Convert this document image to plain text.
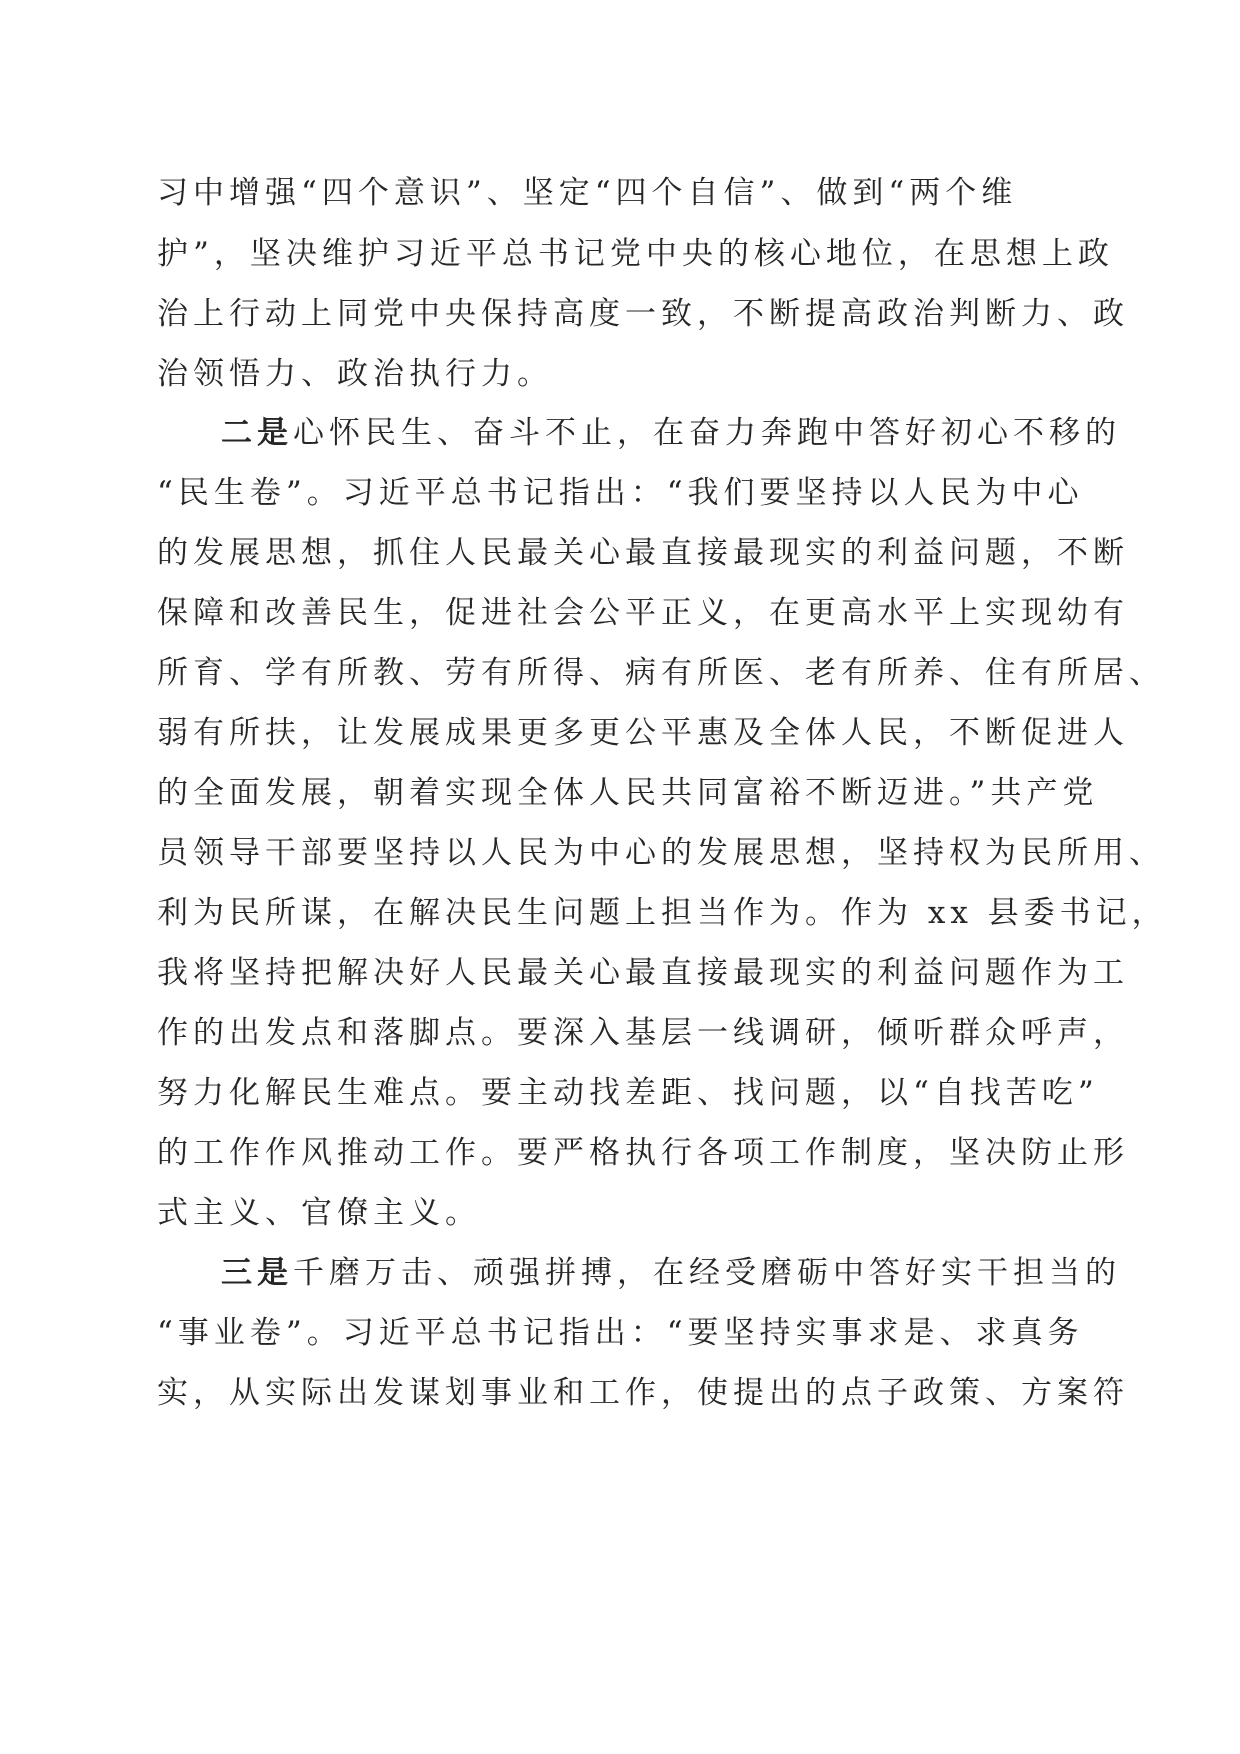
习中增强“四个意识”、坚定“四个自信”、做到“两个维
护”，坚决维护习近平总书记党中央的核心地位，在思想上政
治上行动上同党中央保持高度一致，不断提高政治判断力、政
治领悟力、政治执行力。
二是心怀民生、奋斗不止，在奋力奔跑中答好初心不移的
“民生卷”。习近平总书记指出：“我们要坚持以人民为中心
的发展思想，抓住人民最关心最直接最现实的利益问题，不断
保障和改善民生，促进社会公平正义，在更高水平上实现幼有
所育、学有所教、劳有所得、病有所医、老有所养、住有所居、
弱有所扶，让发展成果更多更公平惠及全体人民，不断促进人
的全面发展，朝着实现全体人民共同富裕不断迈进。”共产党
员领导干部要坚持以人民为中心的发展思想，坚持权为民所用、
利为民所谋，在解决民生问题上担当作为。作为 xx 县委书记，
我将坚持把解决好人民最关心最直接最现实的利益问题作为工
作的出发点和落脚点。要深入基层一线调研，倾听群众呼声，
努力化解民生难点。要主动找差距、找问题，以“自找苦吃”
的工作作风推动工作。要严格执行各项工作制度，坚决防止形
式主义、官僚主义。
三是千磨万击、顽强拼搏，在经受磨砺中答好实干担当的
“事业卷”。习近平总书记指出：“要坚持实事求是、求真务
实，从实际出发谋划事业和工作，使提出的点子政策、方案符
